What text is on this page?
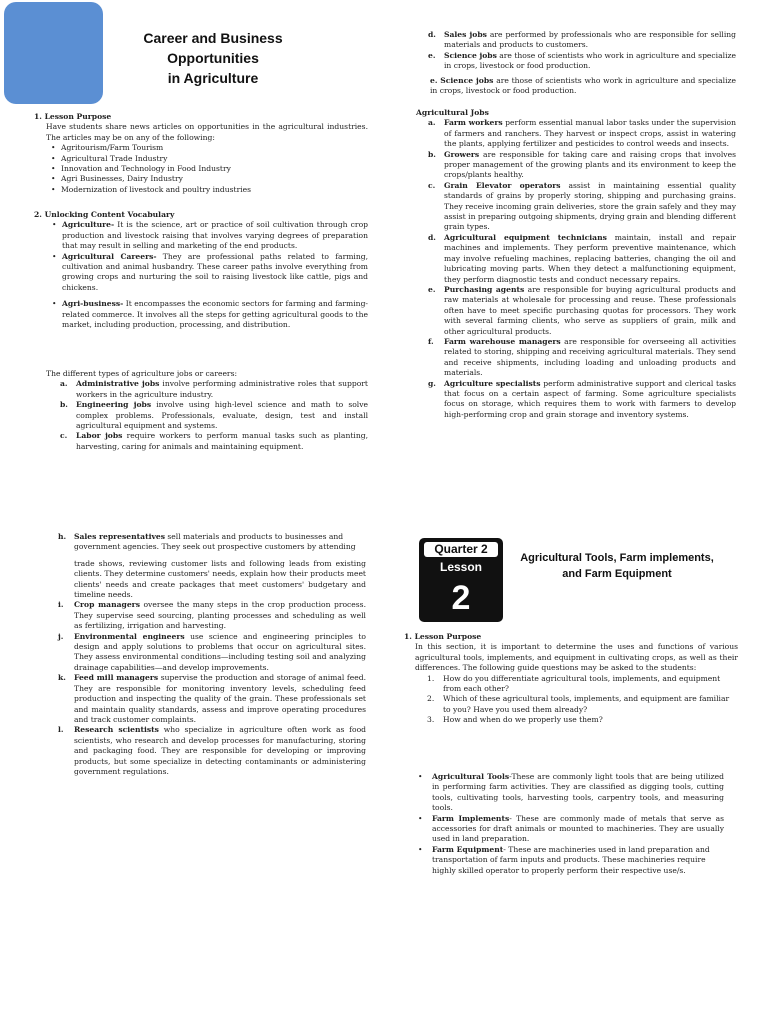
Career and Business Opportunities
in Agriculture
1. Lesson Purpose
Have students share news articles on opportunities in the agricultural industries. The articles may be on any of the following:
• Agritourism/Farm Tourism
• Agricultural Trade Industry
• Innovation and Technology in Food Industry
• Agri Businesses, Dairy Industry
• Modernization of livestock and poultry industries
2. Unlocking Content Vocabulary
• Agriculture- It is the science, art or practice of soil cultivation through crop production and livestock raising that involves varying degrees of preparation that may result in selling and marketing of the end products.
• Agricultural Careers- They are professional paths related to farming, cultivation and animal husbandry. These career paths involve everything from growing crops and nurturing the soil to raising livestock like cattle, pigs and chickens.
• Agri-business- It encompasses the economic sectors for farming and farming- related commerce. It involves all the steps for getting agricultural goods to the market, including production, processing, and distribution.
The different types of agriculture jobs or careers:
a. Administrative jobs involve performing administrative roles that support workers in the agriculture industry.
b. Engineering jobs involve using high-level science and math to solve complex problems. Professionals, evaluate, design, test and install agricultural equipment and systems.
c. Labor jobs require workers to perform manual tasks such as planting, harvesting, caring for animals and maintaining equipment.
d. Sales jobs are performed by professionals who are responsible for selling materials and products to customers.
e. Science jobs are those of scientists who work in agriculture and specialize in crops, livestock or food production.
e. Science jobs are those of scientists who work in agriculture and specialize in crops, livestock or food production.
Agricultural Jobs
a. Farm workers perform essential manual labor tasks under the supervision of farmers and ranchers. They harvest or inspect crops, assist in watering the plants, applying fertilizer and pesticides to control weeds and insects.
b. Growers are responsible for taking care and raising crops that involves proper management of the growing plants and its environment to keep the crops/plants healthy.
c. Grain Elevator operators assist in maintaining essential quality standards of grains by properly storing, shipping and purchasing grains. They receive incoming grain deliveries, store the grain safely and they may assist in preparing outgoing shipments, drying grain and blending different grain types.
d. Agricultural equipment technicians maintain, install and repair machines and implements. They perform preventive maintenance, which may involve refueling machines, replacing batteries, changing the oil and lubricating moving parts. When they detect a malfunctioning equipment, they perform diagnostic tests and conduct necessary repairs.
e. Purchasing agents are responsible for buying agricultural products and raw materials at wholesale for processing and reuse. These professionals often have to meet specific purchasing quotas for processors. They work with several farming clients, who serve as suppliers of grain, milk and other agricultural products.
f. Farm warehouse managers are responsible for overseeing all activities related to storing, shipping and receiving agricultural materials. They send and receive shipments, including loading and unloading products and materials.
g. Agriculture specialists perform administrative support and clerical tasks that focus on a certain aspect of farming. Some agriculture specialists focus on storage, which requires them to work with farmers to develop high-performing crop and grain storage and inventory systems.
h. Sales representatives sell materials and products to businesses and government agencies. They seek out prospective customers by attending
trade shows, reviewing customer lists and following leads from existing clients. They determine customers' needs, explain how their products meet clients' needs and create packages that meet customers' budgetary and timeline needs.
i. Crop managers oversee the many steps in the crop production process. They supervise seed sourcing, planting processes and scheduling as well as fertilizing, irrigation and harvesting.
j. Environmental engineers use science and engineering principles to design and apply solutions to problems that occur on agricultural sites. They assess environmental conditions—including testing soil and analyzing drainage capabilities—and develop improvements.
k. Feed mill managers supervise the production and storage of animal feed. They are responsible for monitoring inventory levels, scheduling feed production and inspecting the quality of the grain. These professionals set and maintain quality standards, assess and improve operating procedures and track customer complaints.
l. Research scientists who specialize in agriculture often work as food scientists, who research and develop processes for manufacturing, storing and packaging food. They are responsible for developing or improving products, but some specialize in detecting contaminants or administering government regulations.
Quarter 2
Lesson
2
Agricultural Tools, Farm implements,
and Farm Equipment
1. Lesson Purpose
In this section, it is important to determine the uses and functions of various agricultural tools, implements, and equipment in cultivating crops, as well as their differences. The following guide questions may be asked to the students:
1. How do you differentiate agricultural tools, implements, and equipment from each other?
2. Which of these agricultural tools, implements, and equipment are familiar to you? Have you used them already?
3. How and when do we properly use them?
• Agricultural Tools-These are commonly light tools that are being utilized in performing farm activities. They are classified as digging tools, cutting tools, cultivating tools, harvesting tools, carpentry tools, and measuring tools.
• Farm Implements- These are commonly made of metals that serve as accessories for draft animals or mounted to machineries. They are usually used in land preparation.
• Farm Equipment- These are machineries used in land preparation and transportation of farm inputs and products. These machineries require highly skilled operator to properly perform their respective use/s.
